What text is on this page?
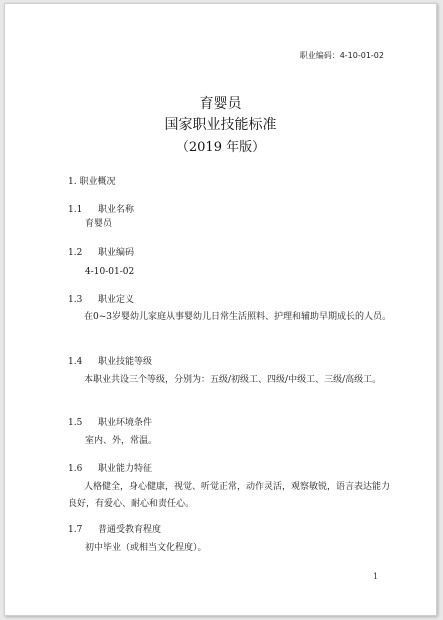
职业编码：4-10-01-02
育婴员
国家职业技能标准
（2019 年版）
1. 职业概况
1.1 职业名称
育婴员
1.2 职业编码
4-10-01-02
1.3 职业定义
在0~3岁婴幼儿家庭从事婴幼儿日常生活照料、护理和辅助早期成长的人员。
1.4 职业技能等级
本职业共设三个等级，分别为：五级/初级工、四级/中级工、三级/高级工。
1.5 职业环境条件
室内、外，常温。
1.6 职业能力特征
人格健全，身心健康，视觉、听觉正常，动作灵活，观察敏锐，语言表达能力良好，有爱心、耐心和责任心。
1.7 普通受教育程度
初中毕业（或相当文化程度）。
1
